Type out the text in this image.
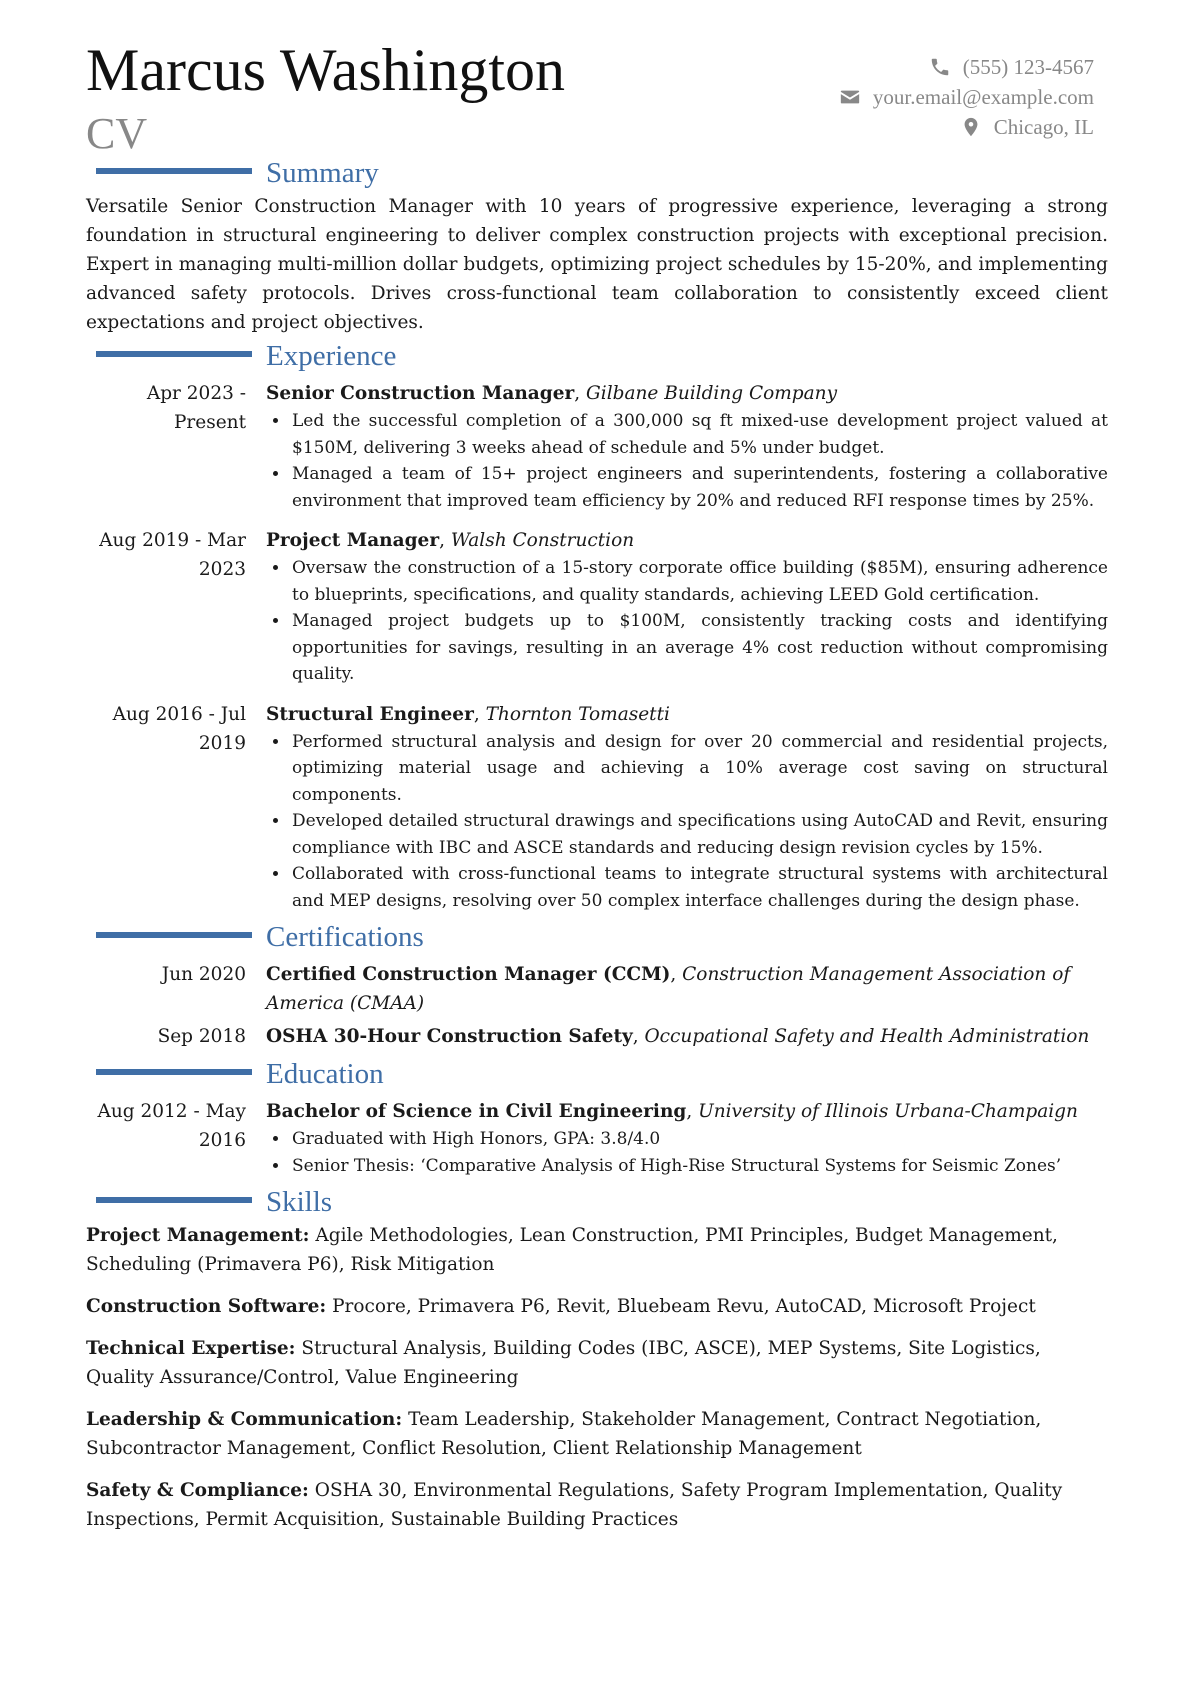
Marcus Washington
CV
(555) 123-4567
your.email@example.com
Chicago, IL
Summary

Versatile Senior Construction Manager with 10 years of progressive experience, leveraging a strong foundation in structural engineering to deliver complex construction projects with exceptional precision. Expert in managing multi-million dollar budgets, optimizing project schedules by 15-20%, and implementing advanced safety protocols. Drives cross-functional team collaboration to consistently exceed client expectations and project objectives.

Experience
Apr 2023 - Present
Senior Construction Manager, Gilbane Building Company
• Led the successful completion of a 300,000 sq ft mixed-use development project valued at $150M, delivering 3 weeks ahead of schedule and 5% under budget.
• Managed a team of 15+ project engineers and superintendents, fostering a collaborative environment that improved team efficiency by 20% and reduced RFI response times by 25%.
Aug 2019 - Mar 2023
Project Manager, Walsh Construction
• Oversaw the construction of a 15-story corporate office building ($85M), ensuring adherence to blueprints, specifications, and quality standards, achieving LEED Gold certification.
• Managed project budgets up to $100M, consistently tracking costs and identifying opportunities for savings, resulting in an average 4% cost reduction without compromising quality.
Aug 2016 - Jul 2019
Structural Engineer, Thornton Tomasetti
• Performed structural analysis and design for over 20 commercial and residential projects, optimizing material usage and achieving a 10% average cost saving on structural components.
• Developed detailed structural drawings and specifications using AutoCAD and Revit, ensuring compliance with IBC and ASCE standards and reducing design revision cycles by 15%.
• Collaborated with cross-functional teams to integrate structural systems with architectural and MEP designs, resolving over 50 complex interface challenges during the design phase.
Certifications
Jun 2020	Certified Construction Manager (CCM), Construction Management Association of America (CMAA)
Sep 2018	OSHA 30-Hour Construction Safety, Occupational Safety and Health Administration
Education
Aug 2012 - May 2016
Bachelor of Science in Civil Engineering, University of Illinois Urbana-Champaign
• Graduated with High Honors, GPA: 3.8/4.0
• Senior Thesis: ‘Comparative Analysis of High-Rise Structural Systems for Seismic Zones’
Skills

Project Management: Agile Methodologies, Lean Construction, PMI Principles, Budget Management, Scheduling (Primavera P6), Risk Mitigation

Construction Software: Procore, Primavera P6, Revit, Bluebeam Revu, AutoCAD, Microsoft Project

Technical Expertise: Structural Analysis, Building Codes (IBC, ASCE), MEP Systems, Site Logistics, Quality Assurance/Control, Value Engineering

Leadership & Communication: Team Leadership, Stakeholder Management, Contract Negotiation, Subcontractor Management, Conflict Resolution, Client Relationship Management

Safety & Compliance: OSHA 30, Environmental Regulations, Safety Program Implementation, Quality Inspections, Permit Acquisition, Sustainable Building Practices
